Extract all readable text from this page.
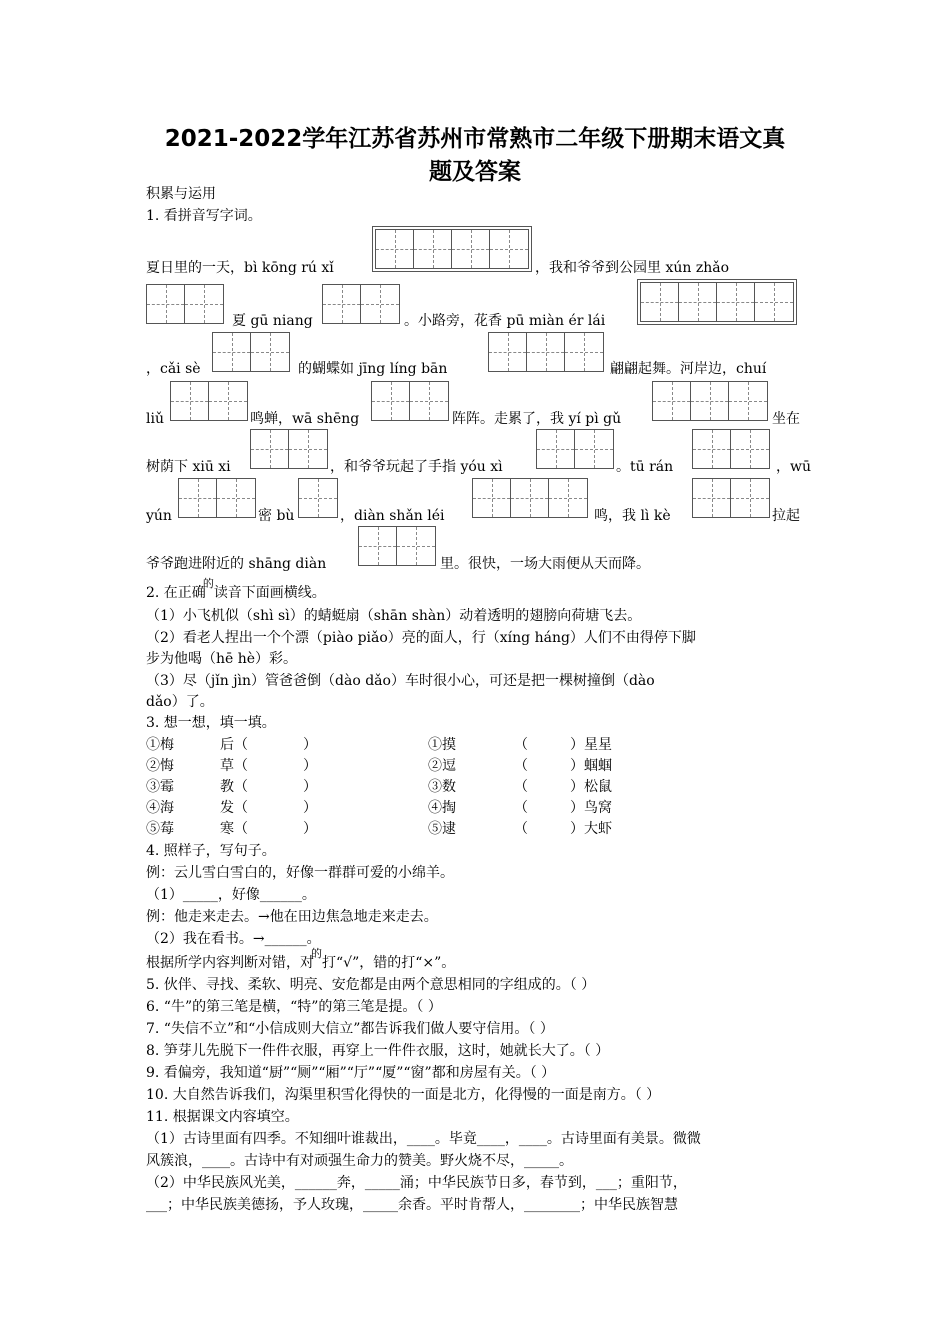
2021-2022学年江苏省苏州市常熟市二年级下册期末语文真
题及答案
积累与运用
1. 看拼音写字词。
夏日里的一天，bì kōng rú xǐ	，我和爷爷到公园里 xún zhǎo
夏 gū niang	。小路旁，花香 pū miàn ér lái
，cǎi sè	的蝴蝶如 jīng líng bān	翩翩起舞。河岸边，chuí
liǔ	鸣蝉，wā shēng	阵阵。走累了，我 yí pì gǔ	坐在
树荫下 xiū xi	，和爷爷玩起了手指 yóu xì	。tū rán	，wū
yún	密 bù	，diàn shǎn léi	鸣，我 lì kè	拉起
爷爷跑进附近的 shāng diàn	里。很快，一场大雨便从天而降。
2. 在正确
的
读音下面画横线。
（1）小飞机似（shì sì）的蜻蜓扇（shān shàn）动着透明的翅膀向荷塘飞去。
（2）看老人捏出一个个漂（piào piǎo）亮的面人，行（xíng háng）人们不由得停下脚
步为他喝（hē hè）彩。
（3）尽（jǐn jìn）管爸爸倒（dào dǎo）车时很小心，可还是把一棵树撞倒（dào
dǎo）了。
3. 想一想，填一填。
①梅	后（	）	①摸	（	）星星
②悔	草（	）	②逗	（	）蝈蝈
③霉	教（	）	③数	（	）松鼠
④海	发（	）	④掏	（	）鸟窝
⑤莓	寒（	）	⑤逮	（	）大虾
4. 照样子，写句子。
例：云儿雪白雪白的，好像一群群可爱的小绵羊。
（1）_____，好像______。
例：他走来走去。→他在田边焦急地走来走去。
（2）我在看书。→______。
根据所学内容判断对错，对
的
打“√”，错的打“×”。
5. 伙伴、寻找、柔软、明亮、安危都是由两个意思相同的字组成的。（ ）
6. “牛”的第三笔是横，“特”的第三笔是提。（ ）
7. “失信不立”和“小信成则大信立”都告诉我们做人要守信用。（ ）
8. 笋芽儿先脱下一件件衣服，再穿上一件件衣服，这时，她就长大了。（ ）
9. 看偏旁，我知道“厨”“厕”“厢”“厅”“厦”“窗”都和房屋有关。（ ）
10. 大自然告诉我们，沟渠里积雪化得快的一面是北方，化得慢的一面是南方。（ ）
11. 根据课文内容填空。
（1）古诗里面有四季。不知细叶谁裁出，____。毕竟____，____。古诗里面有美景。微微
风簇浪，____。古诗中有对顽强生命力的赞美。野火烧不尽，_____。
（2）中华民族风光美，______奔，_____涌；中华民族节日多，春节到，___；重阳节，
___；中华民族美德扬，予人玫瑰，_____余香。平时肯帮人，________；中华民族智慧
